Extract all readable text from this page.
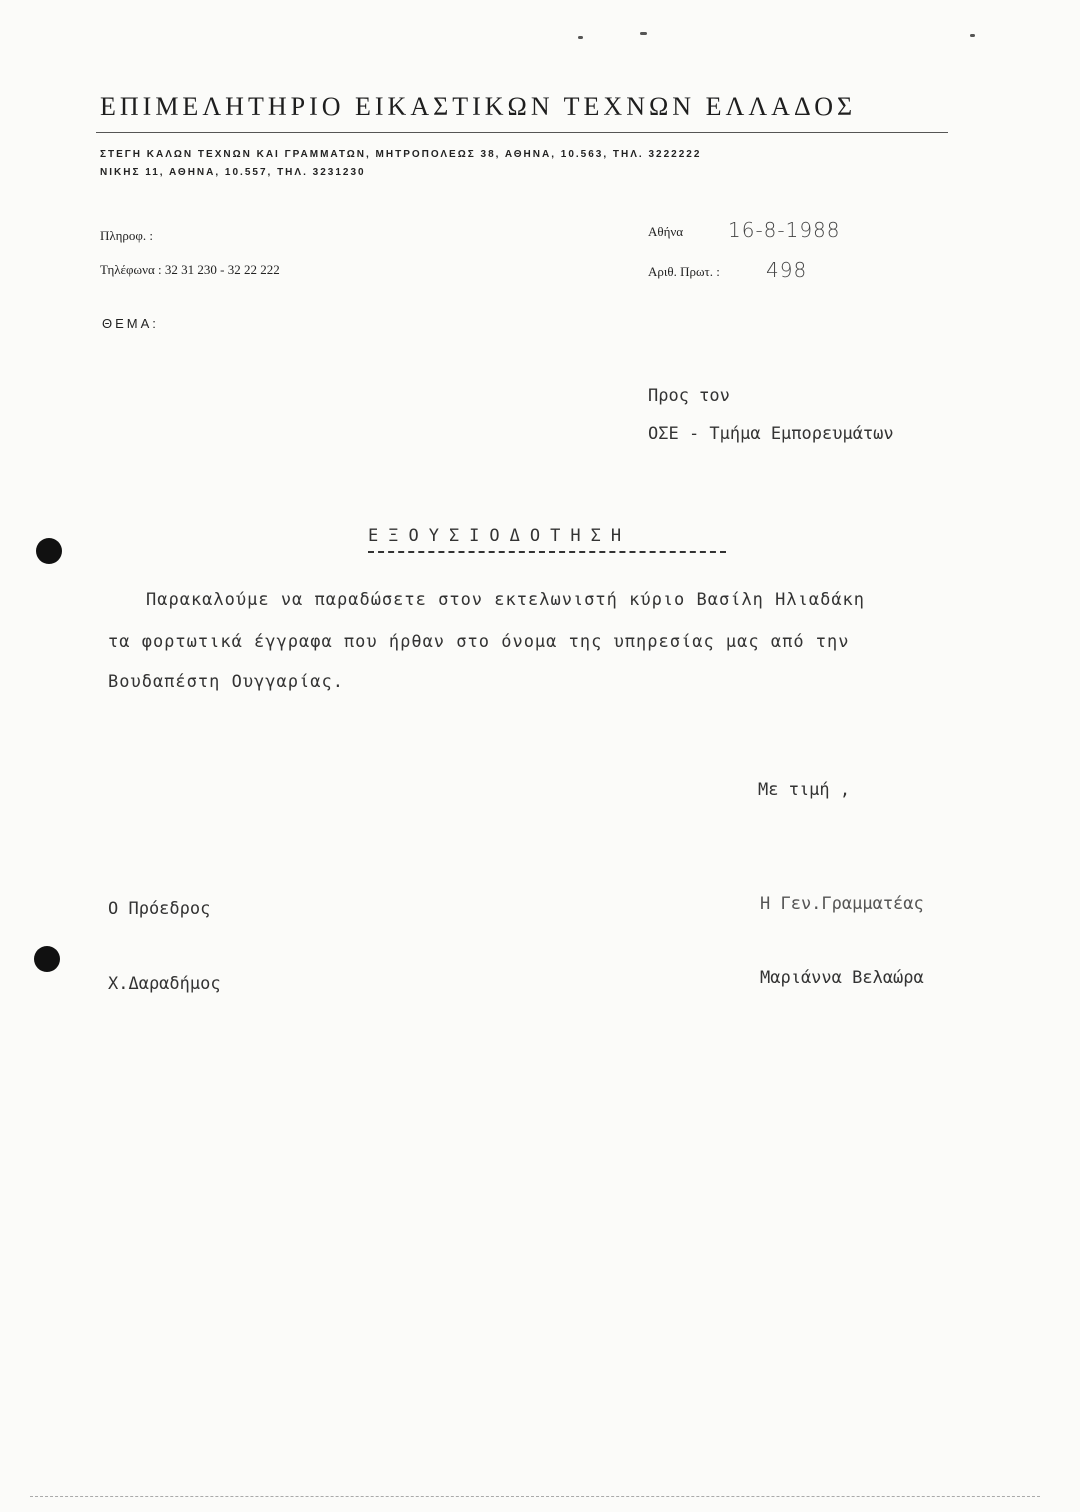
ΕΠΙΜΕΛΗΤΗΡΙΟ ΕΙΚΑΣΤΙΚΩΝ ΤΕΧΝΩΝ ΕΛΛΑΔΟΣ
ΣΤΕΓΗ ΚΑΛΩΝ ΤΕΧΝΩΝ ΚΑΙ ΓΡΑΜΜΑΤΩΝ, ΜΗΤΡΟΠΟΛΕΩΣ 38, ΑΘΗΝΑ, 10.563, ΤΗΛ. 3222222
ΝΙΚΗΣ 11, ΑΘΗΝΑ, 10.557, ΤΗΛ. 3231230
Πληροφ. :
Τηλέφωνα : 32 31 230 - 32 22 222
Αθήνα 16-8-1988
Αριθ. Πρωτ. : 498
ΘΕΜΑ:
Προς τον
ΟΣΕ - Τμήμα Εμπορευμάτων
ΕΞΟΥΣΙΟΔΟΤΗΣΗ
Παρακαλούμε να παραδώσετε στον εκτελωνιστή κύριο Βασίλη Ηλιαδάκη
τα φορτωτικά έγγραφα που ήρθαν στο όνομα της υπηρεσίας μας από την
Βουδαπέστη Ουγγαρίας.
Με τιμή ,
Ο Πρόεδρος
Χ.Δαραδήμος
Η Γεν.Γραμματέας
Μαριάννα Βελαώρα
